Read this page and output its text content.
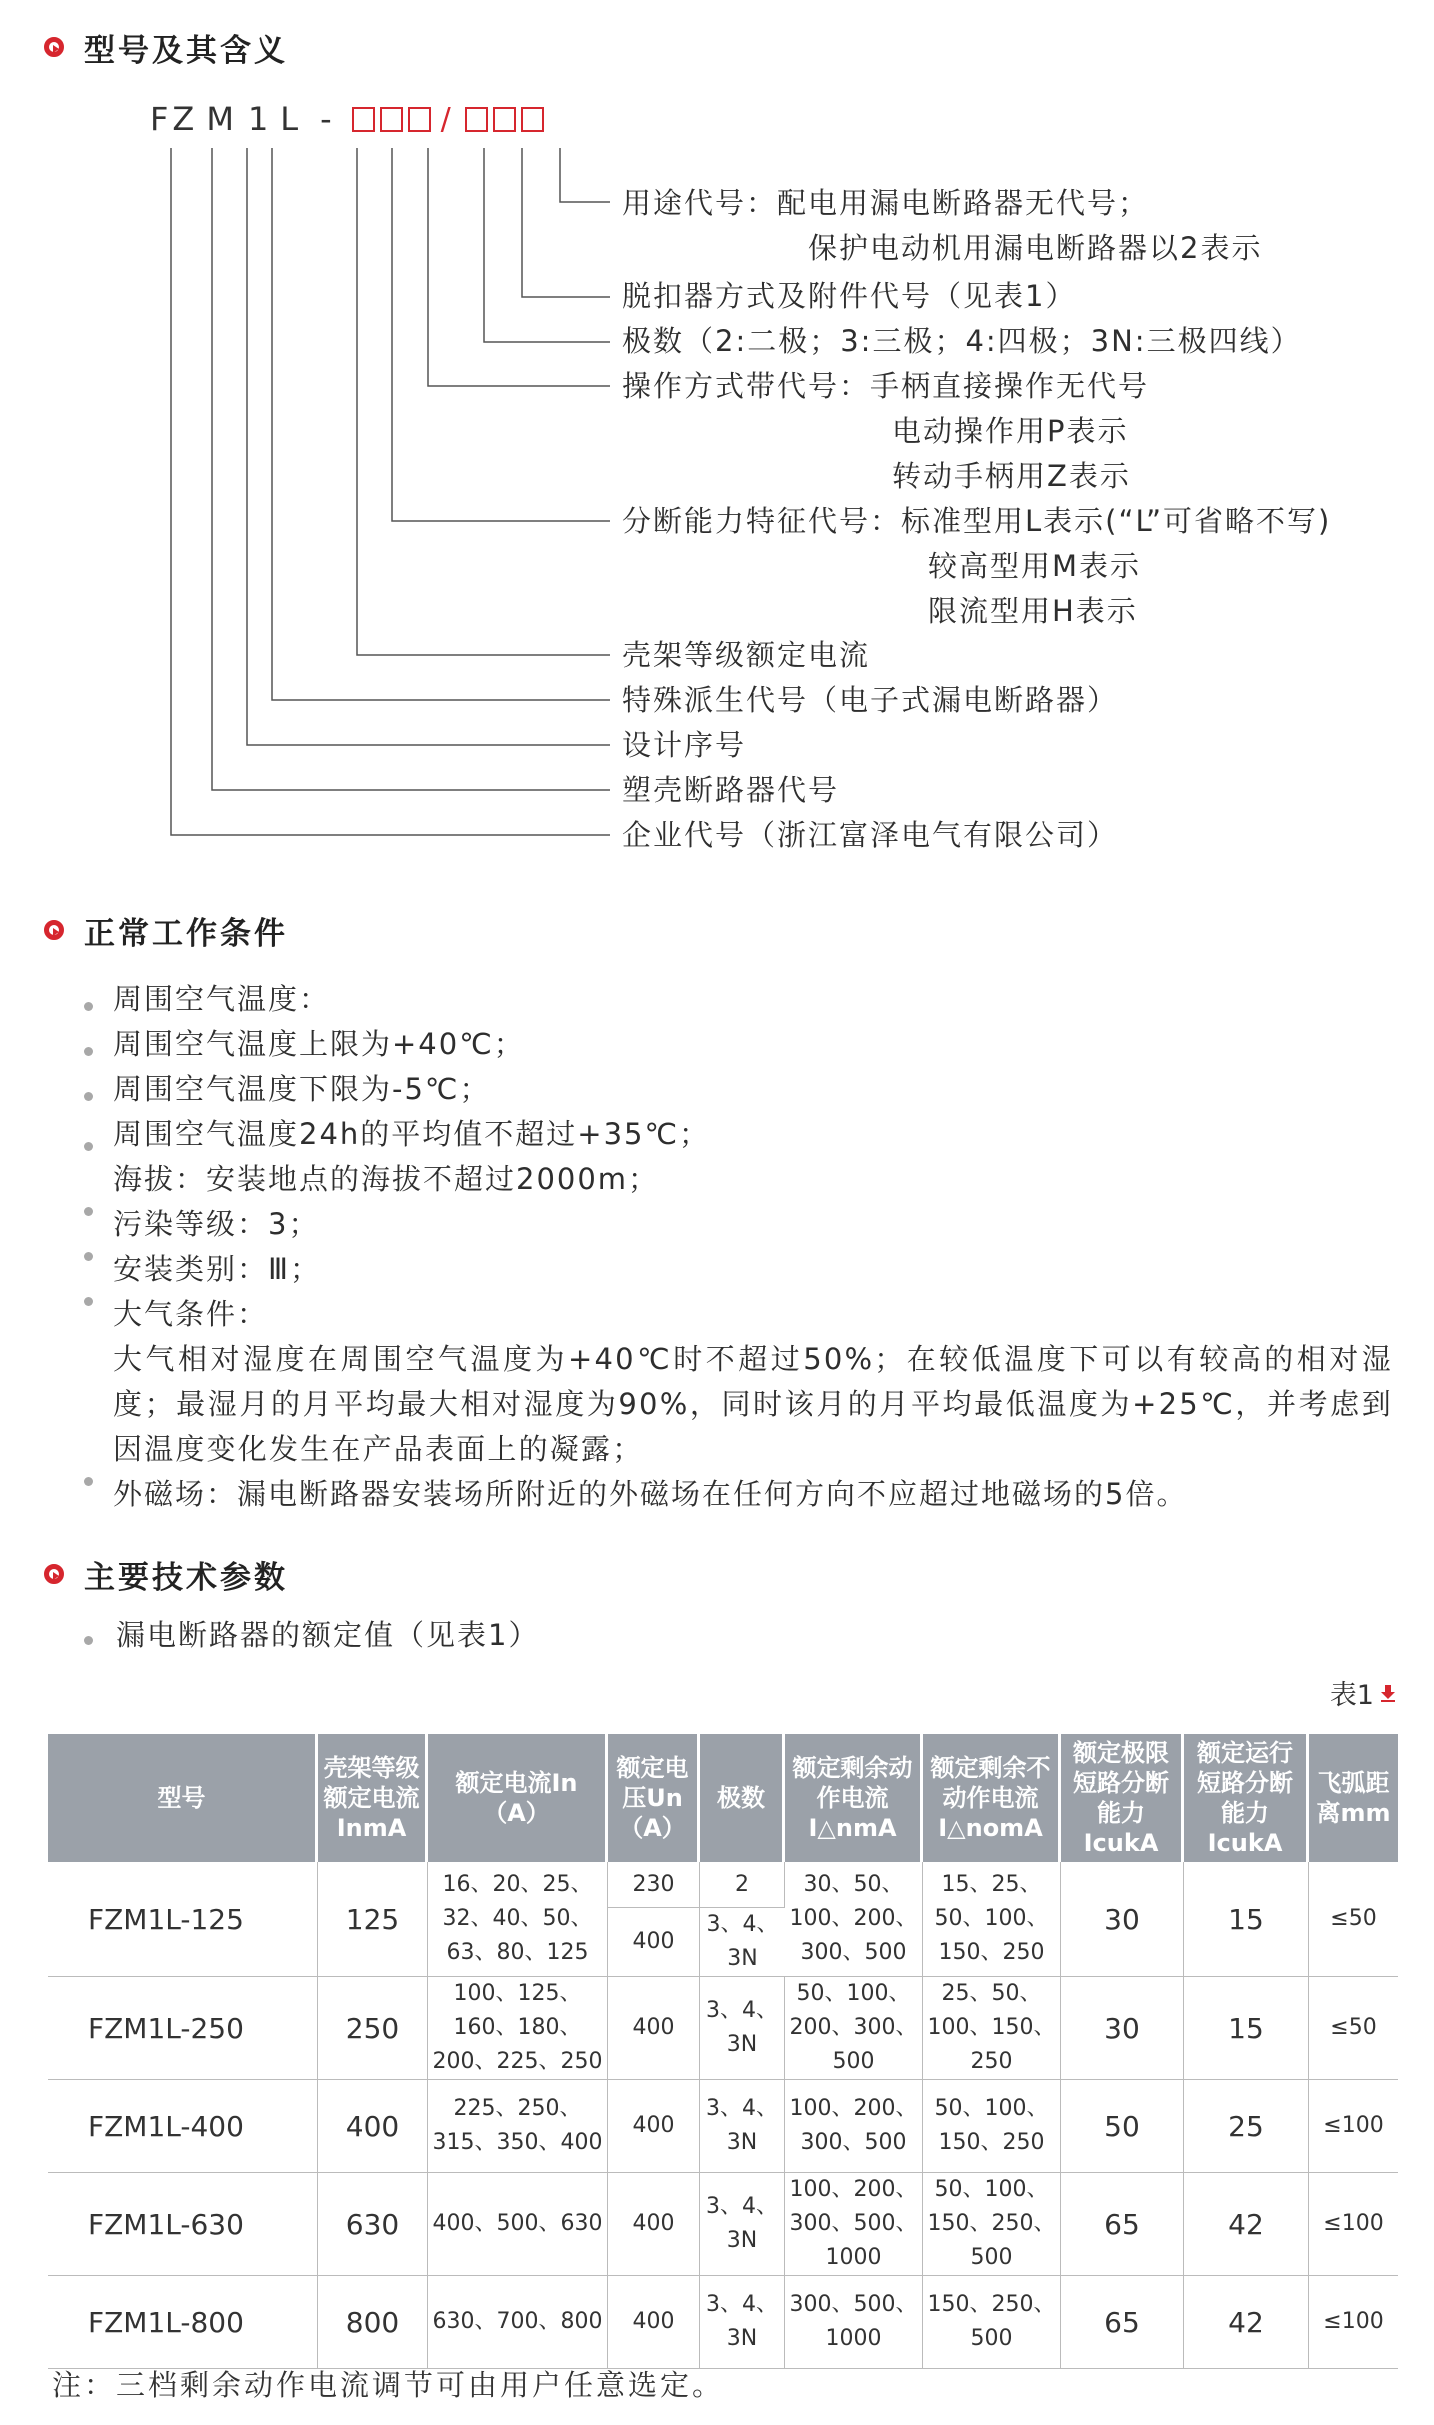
型号及其含义
F Z M 1 L -	/
用途代号：配电用漏电断路器无代号；
保护电动机用漏电断路器以2表示
脱扣器方式及附件代号（见表1）
极数（2:二极；3:三极；4:四极；3N:三极四线）
操作方式带代号：手柄直接操作无代号
电动操作用P表示
转动手柄用Z表示
分断能力特征代号：标准型用L表示(“L”可省略不写)
较高型用M表示
限流型用H表示
壳架等级额定电流
特殊派生代号（电子式漏电断路器）
设计序号
塑壳断路器代号
企业代号（浙江富泽电气有限公司）
正常工作条件
周围空气温度：
周围空气温度上限为+40℃；
周围空气温度下限为-5℃；
周围空气温度24h的平均值不超过+35℃；
海拔：安装地点的海拔不超过2000m；
污染等级：3；
安装类别：Ⅲ；
大气条件：
大气相对湿度在周围空气温度为+40℃时不超过50%；在较低温度下可以有较高的相对湿度；最湿月的月平均最大相对湿度为90%，同时该月的月平均最低温度为+25℃，并考虑到因温度变化发生在产品表面上的凝露；
外磁场：漏电断路器安装场所附近的外磁场在任何方向不应超过地磁场的5倍。
主要技术参数
漏电断路器的额定值（见表1）
表1
型号	壳架等级额定电流InmA	额定电流In（A）	额定电压Un（A）	极数	额定剩余动作电流I△nmA	额定剩余不动作电流I△nomA	额定极限短路分断能力IcukA	额定运行短路分断能力IcukA	飞弧距离mm
FZM1L-125	125	16、20、25、32、40、50、63、80、125	230	2	30、50、100、200、300、500	15、25、50、100、150、250	30	15	≤50
			400	3、4、3N					
FZM1L-250	250	100、125、160、180、200、225、250	400	3、4、3N	50、100、200、300、500	25、50、100、150、250	30	15	≤50
FZM1L-400	400	225、250、315、350、400	400	3、4、3N	100、200、300、500	50、100、150、250	50	25	≤100
FZM1L-630	630	400、500、630	400	3、4、3N	100、200、300、500、1000	50、100、150、250、500	65	42	≤100
FZM1L-800	800	630、700、800	400	3、4、3N	300、500、1000	150、250、500	65	42	≤100
注：三档剩余动作电流调节可由用户任意选定。
